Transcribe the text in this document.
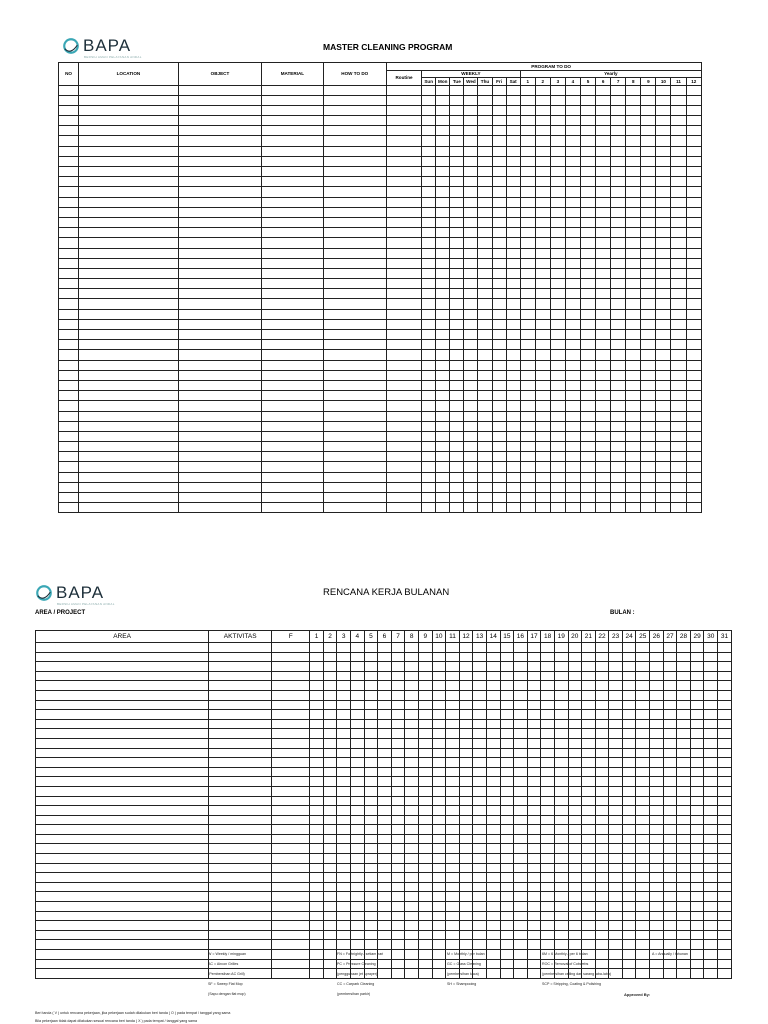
BAPA
BERSIH AMAN PELAYANAN ANDAL
MASTER CLEANING PROGRAM
NO	LOCATION	OBJECT	MATERIAL	HOW TO DO	PROGRAM TO DO																			
					Routine	WEEKLY							Yearly											
						Sun	Mon	Tue	Wed	Thu	Fri	Sat	1	2	3	4	5	6	7	8	9	10	11	12

BAPA
BERSIH AMAN PELAYANAN ANDAL
RENCANA KERJA BULANAN
AREA / PROJECT	BULAN :
AREA	AKTIVITAS	F	1	2	3	4	5	6	7	8	9	10	11	12	13	14	15	16	17	18	19	20	21	22	23	24	25	26	27	28	29	30	31

W = Weekly / mingguan
AC = Aircon Grilles
(Pembersihan AC Grill)
SF = Sweep Flat Mop
(Sapu dengan flat mop)
FN = Fortnightly / setiam hari
PC = Pressure Cleaning
(penggunaan jet sprayer)
CC = Carpark Cleaning
(pembersihan parkir)
M = Monthly / per bulan
GC = Glass Cleaning
(pembersihan kaca)
SH = Shampooing
6M = 6 Monthly / per 6 bulan
ROC = Removal of Cobwebs
(pembersihan ceiling dari sarang laba-laba)
SCP = Stripping, Coating & Polishing
A = Annually / tahunan
Approved By:
Beri tanda ( V ) untuk rencana pekerjaan, jika pekerjaan sudah dilakukan beri tanda ( O ) pada tempat / tanggal yang sama
Bila pekerjaan tidak dapat dilakukan sesuai rencana beri tanda ( X ) pada tempat / tanggal yang sama
